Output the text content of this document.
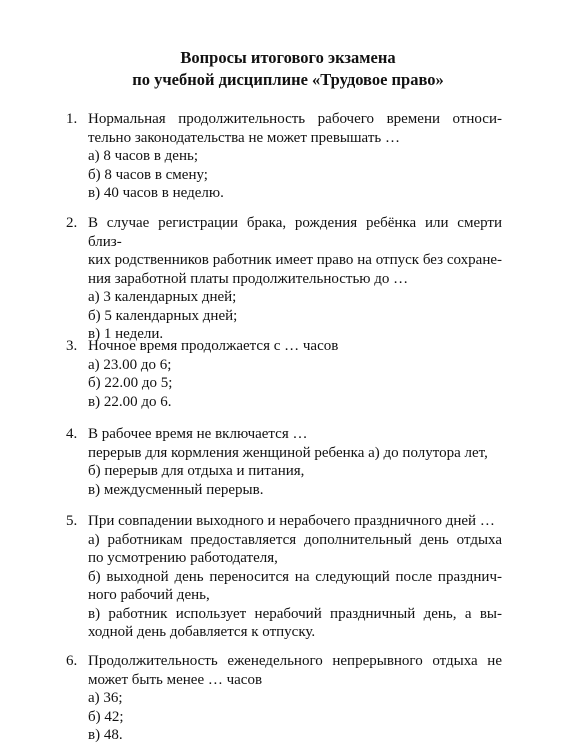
Вопросы итогового экзамена
по учебной дисциплине «Трудовое право»
1. Нормальная продолжительность рабочего времени относи-
тельно законодательства не может превышать …
а) 8 часов в день;
б) 8 часов в смену;
в) 40 часов в неделю.
2. В случае регистрации брака, рождения ребёнка или смерти близ-
ких родственников работник имеет право на отпуск без сохране-
ния заработной платы продолжительностью до …
а) 3 календарных дней;
б) 5 календарных дней;
в) 1 недели.
3. Ночное время продолжается с … часов
а) 23.00 до 6;
б) 22.00 до 5;
в) 22.00 до 6.
4. В рабочее время не включается …
перерыв для кормления женщиной ребенка а) до полутора лет,
б) перерыв для отдыха и питания,
в) междусменный перерыв.
5. При совпадении выходного и нерабочего праздничного дней …
а) работникам предоставляется дополнительный день отдыха
по усмотрению работодателя,
б) выходной день переносится на следующий после празднич-
ного рабочий день,
в) работник использует нерабочий праздничный день, а вы-
ходной день добавляется к отпуску.
6. Продолжительность еженедельного непрерывного отдыха не
может быть менее … часов
а) 36;
б) 42;
в) 48.
